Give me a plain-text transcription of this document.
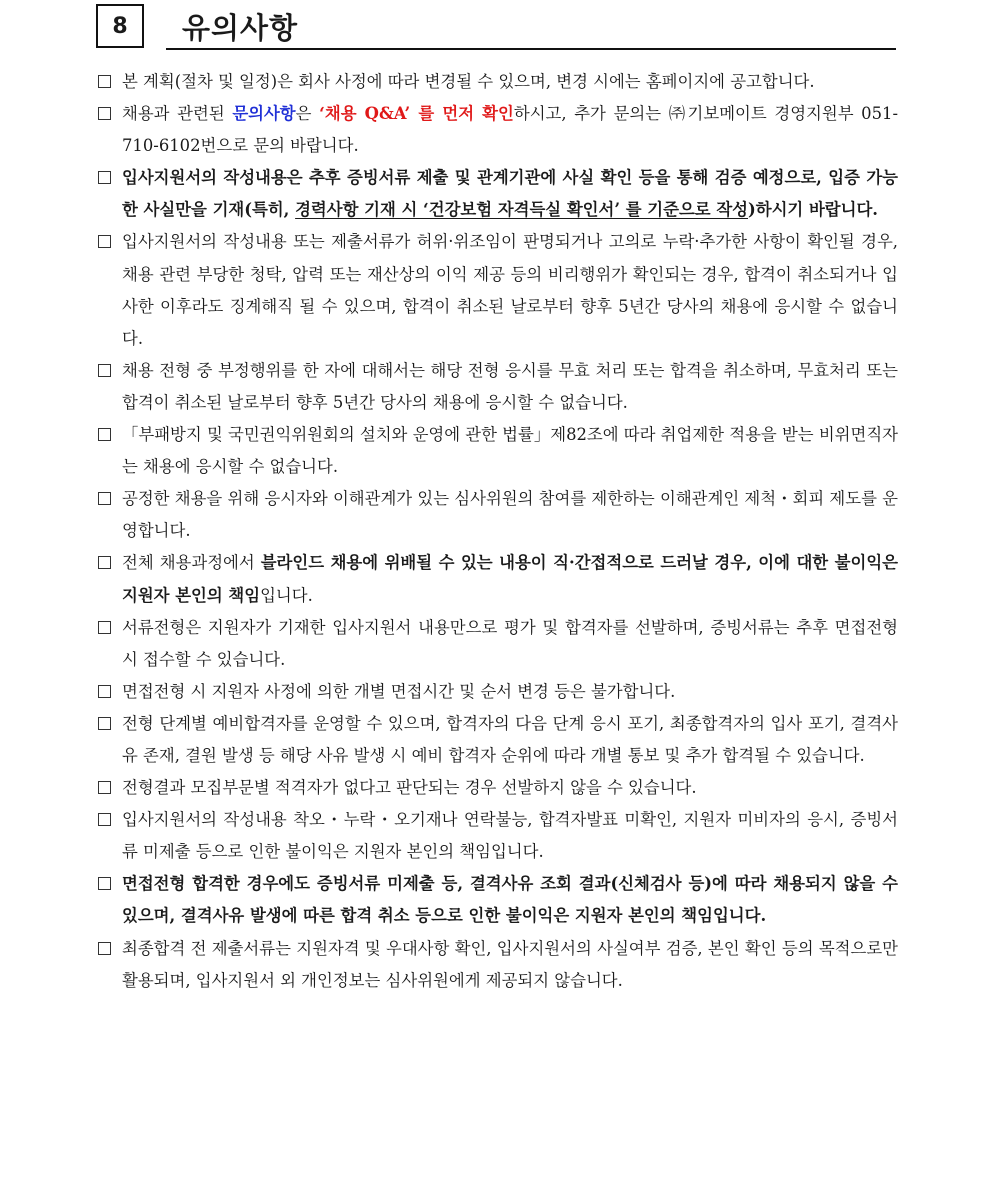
8	유의사항
본 계획(절차 및 일정)은 회사 사정에 따라 변경될 수 있으며, 변경 시에는 홈페이지에 공고합니다.
채용과 관련된 문의사항은 ‘채용 Q&A’ 를 먼저 확인하시고, 추가 문의는 ㈜기보메이트 경영지원부 051-710-6102번으로 문의 바랍니다.
입사지원서의 작성내용은 추후 증빙서류 제출 및 관계기관에 사실 확인 등을 통해 검증 예정으로, 입증 가능한 사실만을 기재(특히, 경력사항 기재 시 ‘건강보험 자격득실 확인서’ 를 기준으로 작성)하시기 바랍니다.
입사지원서의 작성내용 또는 제출서류가 허위·위조임이 판명되거나 고의로 누락·추가한 사항이 확인될 경우, 채용 관련 부당한 청탁, 압력 또는 재산상의 이익 제공 등의 비리행위가 확인되는 경우, 합격이 취소되거나 입사한 이후라도 징계해직 될 수 있으며, 합격이 취소된 날로부터 향후 5년간 당사의 채용에 응시할 수 없습니다.
채용 전형 중 부정행위를 한 자에 대해서는 해당 전형 응시를 무효 처리 또는 합격을 취소하며, 무효처리 또는 합격이 취소된 날로부터 향후 5년간 당사의 채용에 응시할 수 없습니다.
「부패방지 및 국민권익위원회의 설치와 운영에 관한 법률」제82조에 따라 취업제한 적용을 받는 비위면직자는 채용에 응시할 수 없습니다.
공정한 채용을 위해 응시자와 이해관계가 있는 심사위원의 참여를 제한하는 이해관계인 제척・회피 제도를 운영합니다.
전체 채용과정에서 블라인드 채용에 위배될 수 있는 내용이 직·간접적으로 드러날 경우, 이에 대한 불이익은 지원자 본인의 책임입니다.
서류전형은 지원자가 기재한 입사지원서 내용만으로 평가 및 합격자를 선발하며, 증빙서류는 추후 면접전형 시 접수할 수 있습니다.
면접전형 시 지원자 사정에 의한 개별 면접시간 및 순서 변경 등은 불가합니다.
전형 단계별 예비합격자를 운영할 수 있으며, 합격자의 다음 단계 응시 포기, 최종합격자의 입사 포기, 결격사유 존재, 결원 발생 등 해당 사유 발생 시 예비 합격자 순위에 따라 개별 통보 및 추가 합격될 수 있습니다.
전형결과 모집부문별 적격자가 없다고 판단되는 경우 선발하지 않을 수 있습니다.
입사지원서의 작성내용 착오・누락・오기재나 연락불능, 합격자발표 미확인, 지원자 미비자의 응시, 증빙서류 미제출 등으로 인한 불이익은 지원자 본인의 책임입니다.
면접전형 합격한 경우에도 증빙서류 미제출 등, 결격사유 조회 결과(신체검사 등)에 따라 채용되지 않을 수 있으며, 결격사유 발생에 따른 합격 취소 등으로 인한 불이익은 지원자 본인의 책임입니다.
최종합격 전 제출서류는 지원자격 및 우대사항 확인, 입사지원서의 사실여부 검증, 본인 확인 등의 목적으로만 활용되며, 입사지원서 외 개인정보는 심사위원에게 제공되지 않습니다.
